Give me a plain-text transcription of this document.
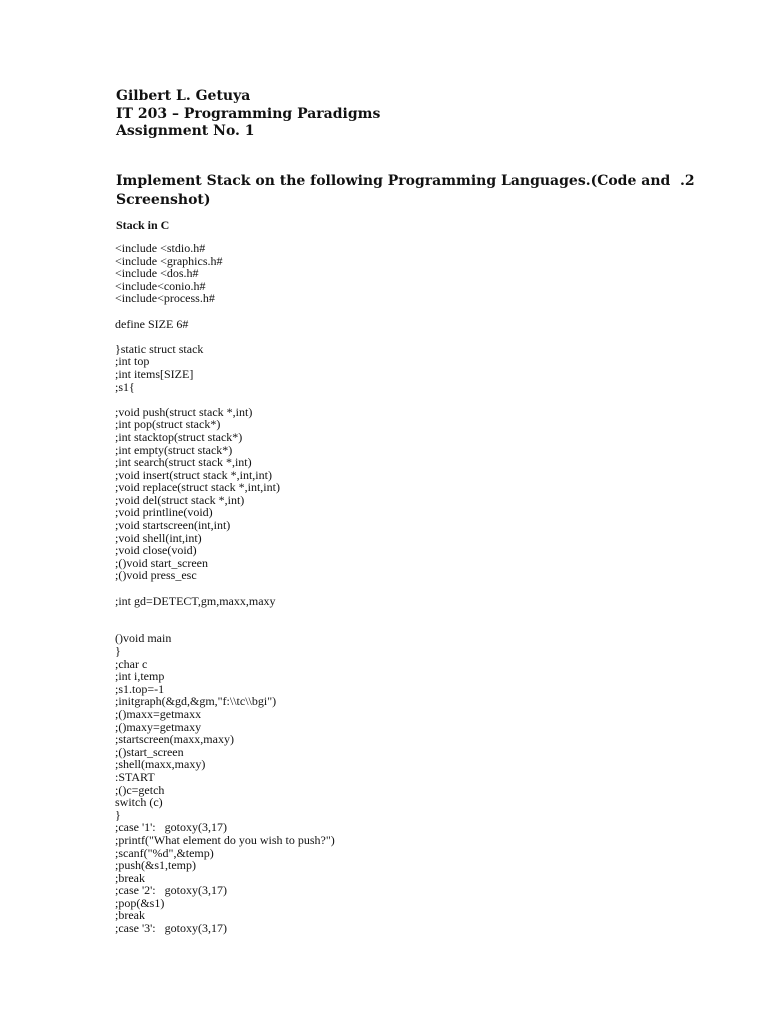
Gilbert L. Getuya
IT 203 – Programming Paradigms
Assignment No. 1
Implement Stack on the following Programming Languages.(Code and  .2
Screenshot)
Stack in C
<include <stdio.h#
<include <graphics.h#
<include <dos.h#
<include<conio.h#
<include<process.h#
define SIZE 6#
}static struct stack
;int top
;int items[SIZE]
;s1{
;void push(struct stack *,int)
;int pop(struct stack*)
;int stacktop(struct stack*)
;int empty(struct stack*)
;int search(struct stack *,int)
;void insert(struct stack *,int,int)
;void replace(struct stack *,int,int)
;void del(struct stack *,int)
;void printline(void)
;void startscreen(int,int)
;void shell(int,int)
;void close(void)
;()void start_screen
;()void press_esc
;int gd=DETECT,gm,maxx,maxy
()void main
}
;char c
;int i,temp
;s1.top=-1
;initgraph(&gd,&gm,"f:\\tc\\bgi")
;()maxx=getmaxx
;()maxy=getmaxy
;startscreen(maxx,maxy)
;()start_screen
;shell(maxx,maxy)
:START
;()c=getch
switch (c)
}
;case '1':   gotoxy(3,17)
;printf("What element do you wish to push?")
;scanf("%d",&temp)
;push(&s1,temp)
;break
;case '2':   gotoxy(3,17)
;pop(&s1)
;break
;case '3':   gotoxy(3,17)
